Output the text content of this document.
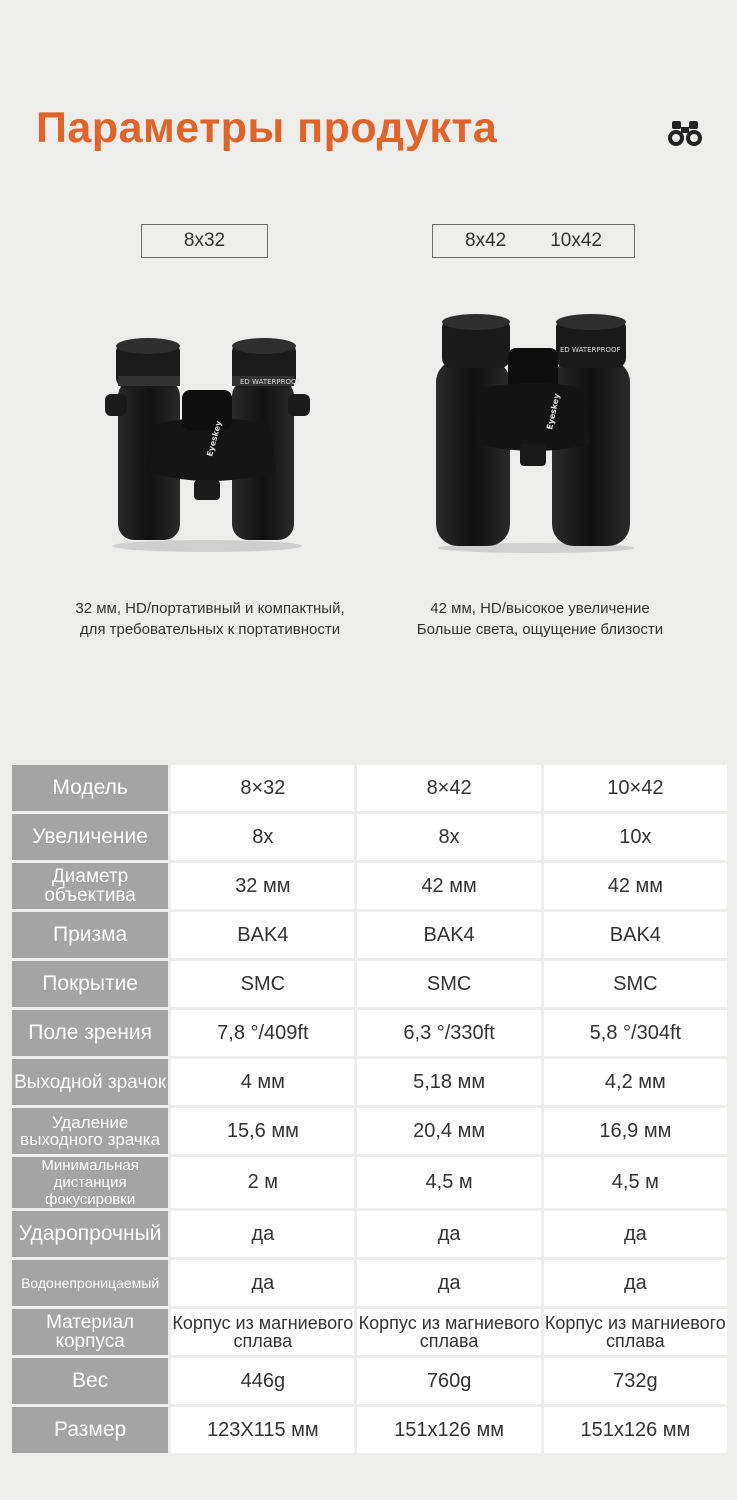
Параметры продукта
8x32	8x42 10x42
ED WATERPROOF
Eyeskey
ED WATERPROOF
Eyeskey
32 мм, HD/портативный и компактный,
для требовательных к портативности
42 мм, HD/высокое увеличение
Больше света, ощущение близости
Модель	8×32	8×42	10×42
Увеличение	8x	8x	10x
Диаметр объектива	32 мм	42 мм	42 мм
Призма	BAK4	BAK4	BAK4
Покрытие	SMC	SMC	SMC
Поле зрения	7,8 °/409ft	6,3 °/330ft	5,8 °/304ft
Выходной зрачок	4 мм	5,18 мм	4,2 мм
Удаление выходного зрачка	15,6 мм	20,4 мм	16,9 мм
Минимальная дистанция фокусировки	2 м	4,5 м	4,5 м
Ударопрочный	да	да	да
Водонепроницаемый	да	да	да
Материал корпуса	Корпус из магниевого сплава	Корпус из магниевого сплава	Корпус из магниевого сплава
Вес	446g	760g	732g
Размер	123X115 мм	151x126 мм	151x126 мм
